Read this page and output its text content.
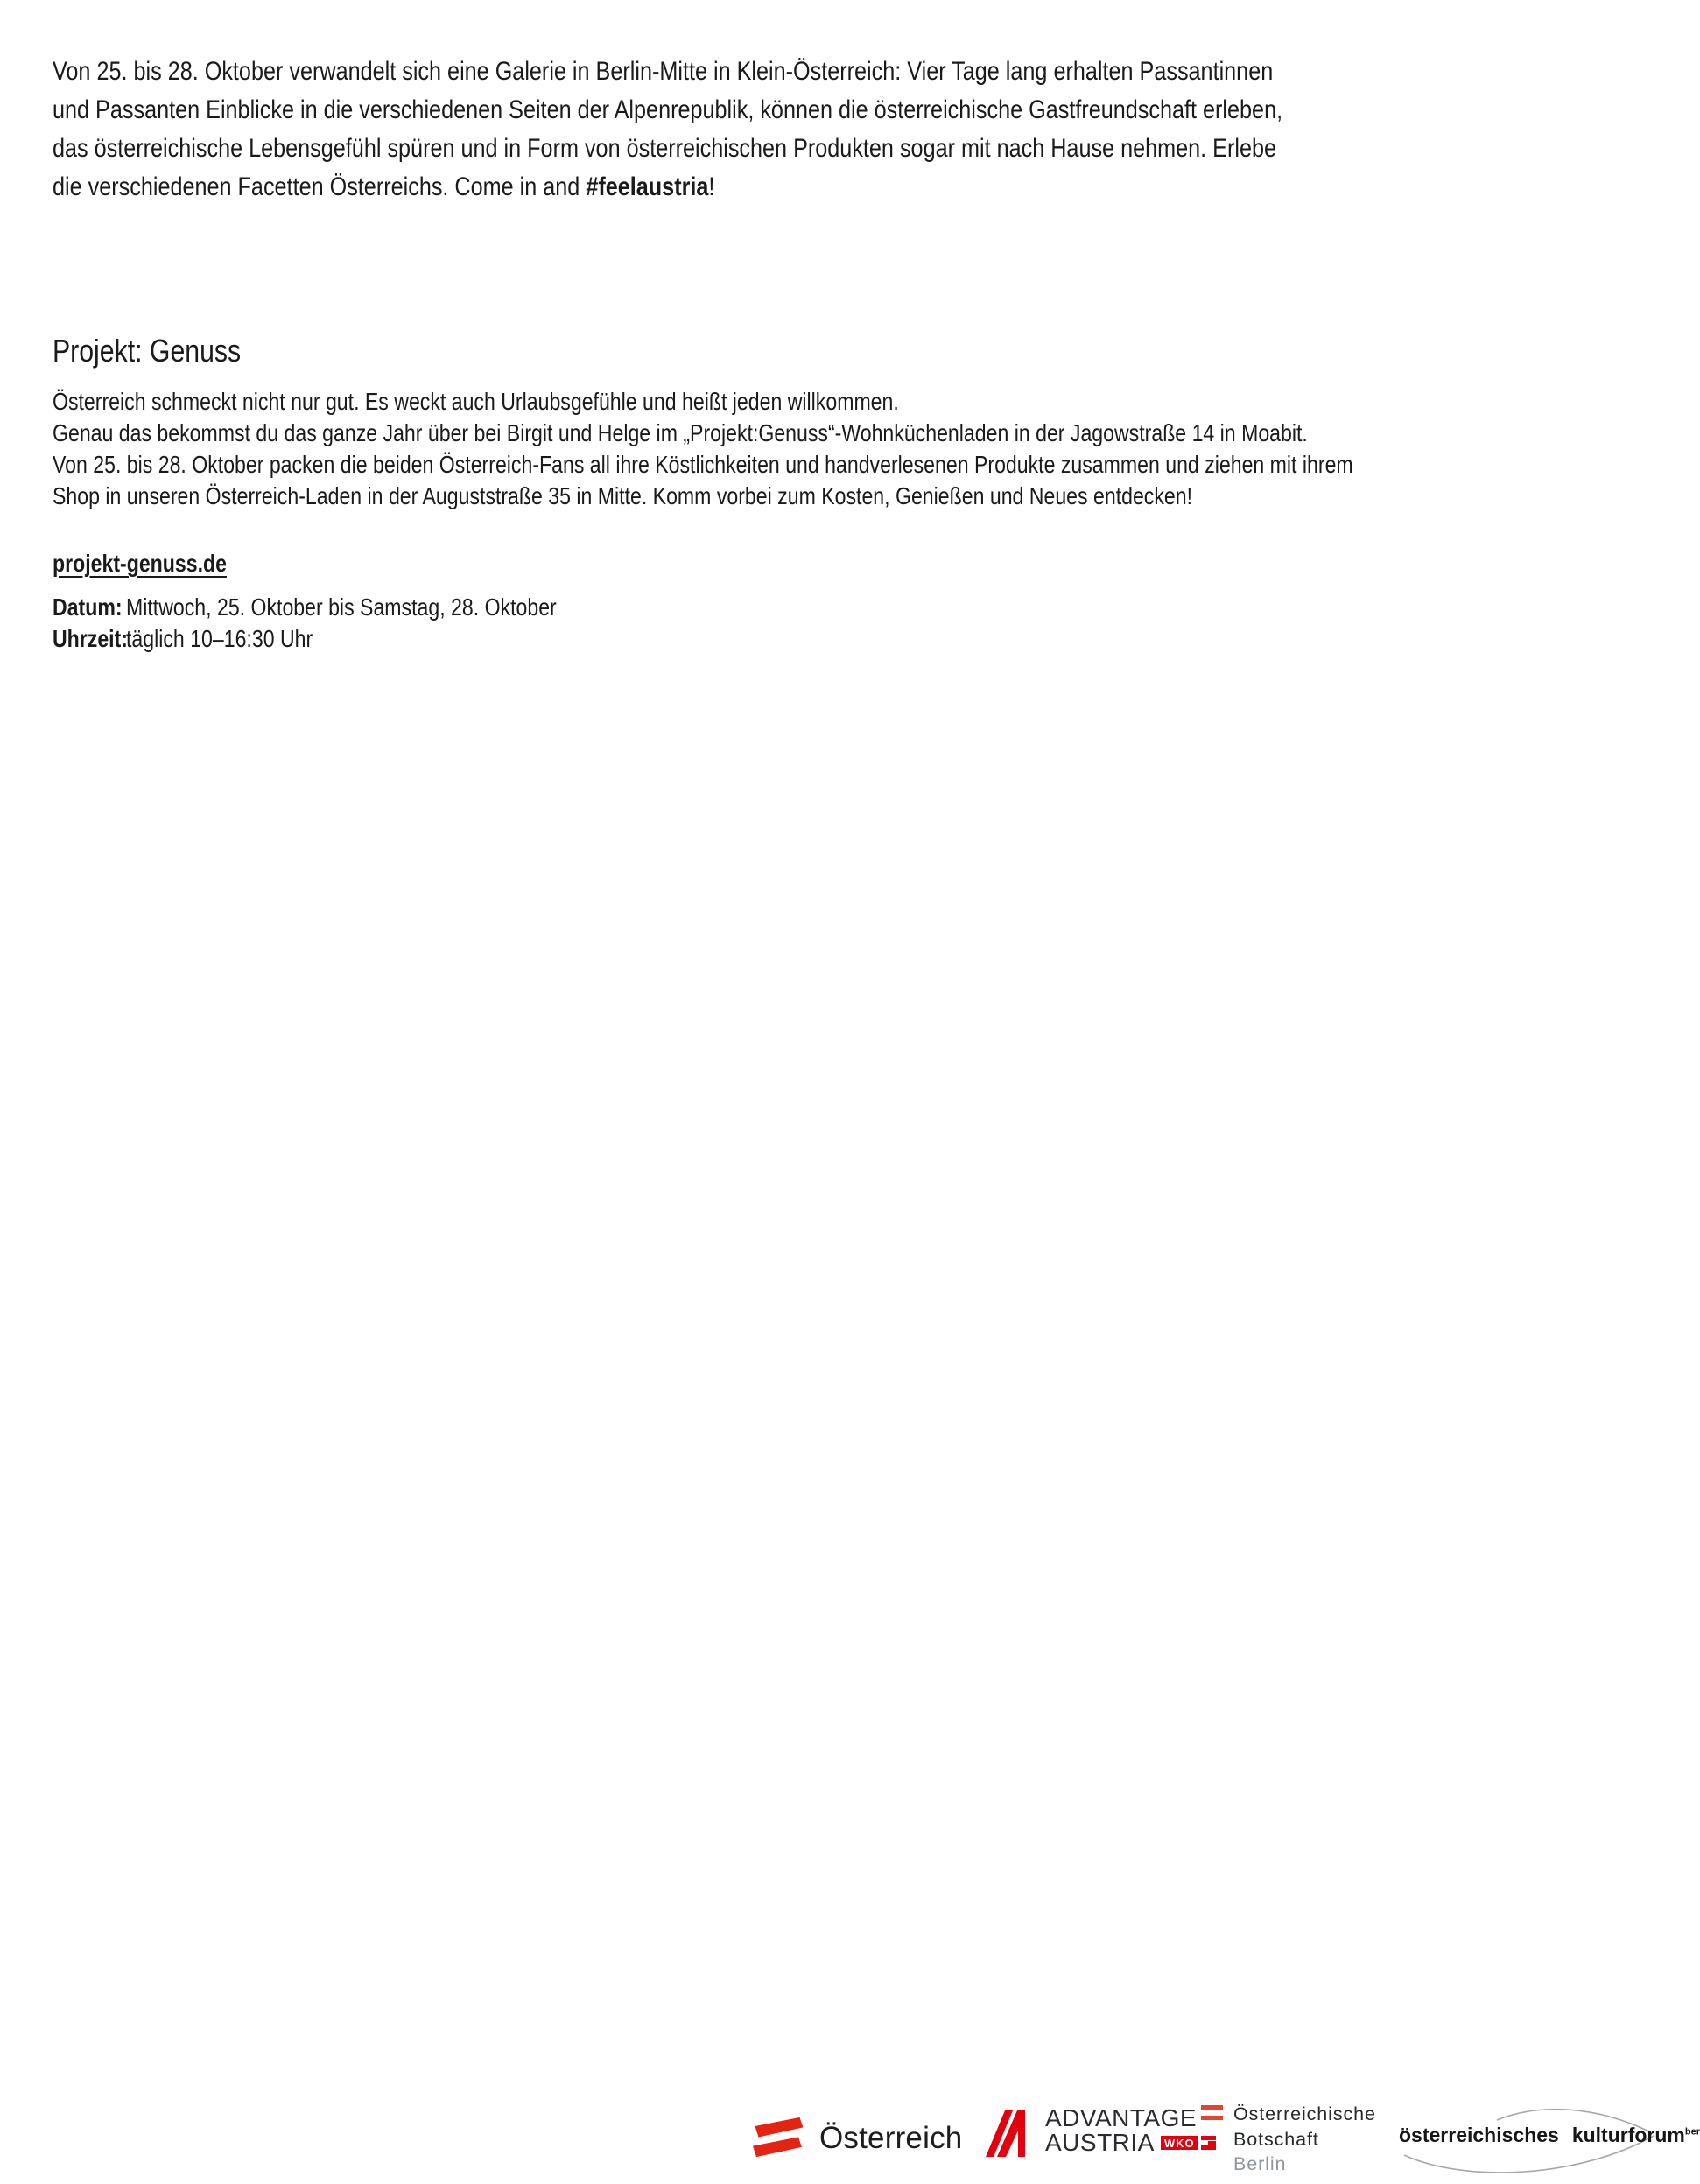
Von 25. bis 28. Oktober verwandelt sich eine Galerie in Berlin-Mitte in Klein-Österreich: Vier Tage lang erhalten Passantinnen
und Passanten Einblicke in die verschiedenen Seiten der Alpenrepublik, können die österreichische Gastfreundschaft erleben,
das österreichische Lebensgefühl spüren und in Form von österreichischen Produkten sogar mit nach Hause nehmen. Erlebe
die verschiedenen Facetten Österreichs. Come in and #feelaustria!
Projekt: Genuss
Österreich schmeckt nicht nur gut. Es weckt auch Urlaubsgefühle und heißt jeden willkommen.
Genau das bekommst du das ganze Jahr über bei Birgit und Helge im „Projekt:Genuss“-Wohnküchenladen in der Jagowstraße 14 in Moabit.
Von 25. bis 28. Oktober packen die beiden Österreich-Fans all ihre Köstlichkeiten und handverlesenen Produkte zusammen und ziehen mit ihrem
Shop in unseren Österreich-Laden in der Auguststraße 35 in Mitte. Komm vorbei zum Kosten, Genießen und Neues entdecken!
projekt-genuss.de
Datum: Mittwoch, 25. Oktober bis Samstag, 28. Oktober
Uhrzeit:täglich 10–16:30 Uhr
Österreich
ADVANTAGE
AUSTRIA WKO
Österreichische
Botschaft
Berlin
österreichisches kulturforum$^{ber}$
